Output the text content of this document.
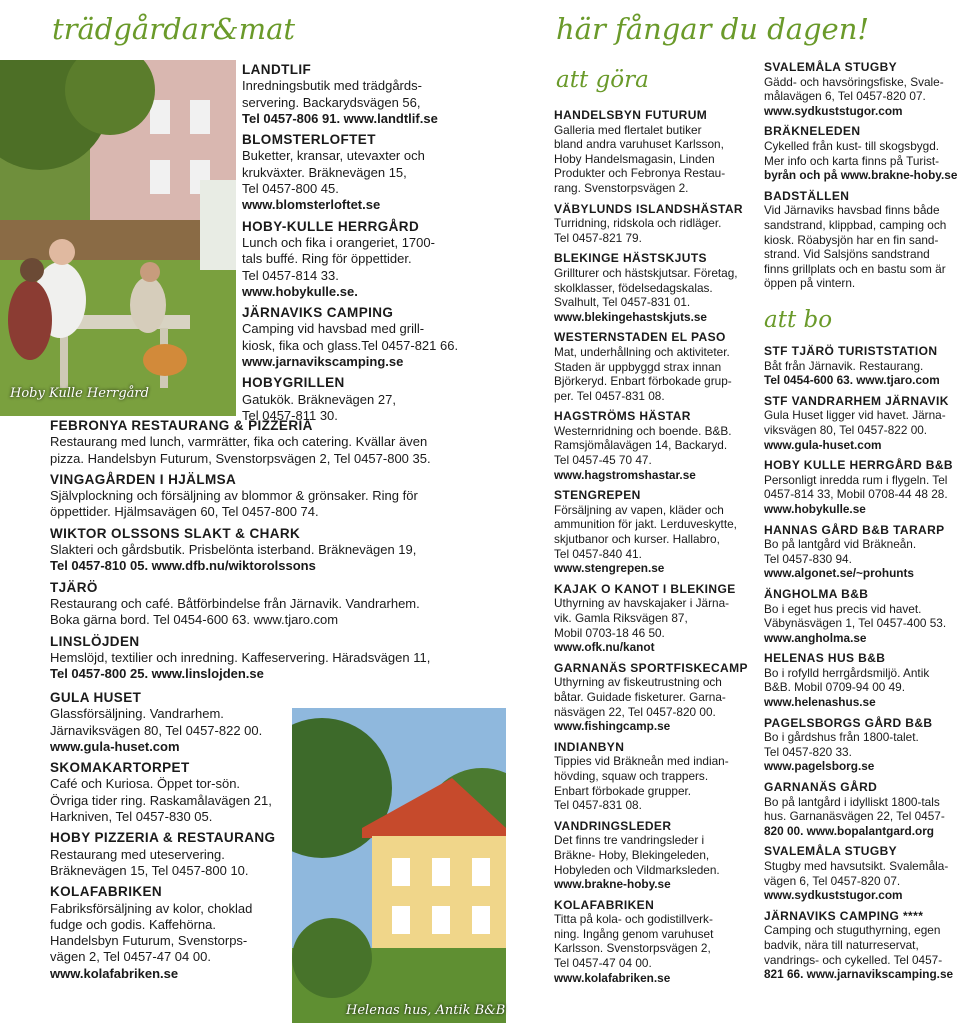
trädgårdar&mat	här fångar du dagen!
att göra
att bo
Hoby Kulle Herrgård
Helenas hus, Antik B&B
LANDTLIF
Inredningsbutik med trädgårds-
servering. Backarydsvägen 56,
Tel 0457-806 91. www.landtlif.se
BLOMSTERLOFTET
Buketter, kransar, utevaxter och
krukväxter. Bräknevägen 15,
Tel 0457-800 45.
www.blomsterloftet.se
HOBY-KULLE HERRGÅRD
Lunch och fika i orangeriet, 1700-
tals buffé. Ring för öppettider.
Tel 0457-814 33.
www.hobykulle.se.
JÄRNAVIKS CAMPING
Camping vid havsbad med grill-
kiosk, fika och glass.Tel 0457-821 66.
www.jarnavikscamping.se
HOBYGRILLEN
Gatukök. Bräknevägen 27,
Tel 0457-811 30.
FEBRONYA RESTAURANG & PIZZERIA
Restaurang med lunch, varmrätter, fika och catering. Kvällar även
pizza. Handelsbyn Futurum, Svenstorpsvägen 2, Tel 0457-800 35.
VINGAGÅRDEN I HJÄLMSA
Självplockning och försäljning av blommor & grönsaker. Ring för
öppettider. Hjälmsavägen 60, Tel 0457-800 74.
WIKTOR OLSSONS SLAKT & CHARK
Slakteri och gårdsbutik. Prisbelönta isterband. Bräknevägen 19,
Tel 0457-810 05. www.dfb.nu/wiktorolssons
TJÄRÖ
Restaurang och café. Båtförbindelse från Järnavik. Vandrarhem.
Boka gärna bord. Tel 0454-600 63. www.tjaro.com
LINSLÖJDEN
Hemslöjd, textilier och inredning. Kaffeservering. Häradsvägen 11,
Tel 0457-800 25. www.linslojden.se
GULA HUSET
Glassförsäljning. Vandrarhem.
Järnaviksvägen 80, Tel 0457-822 00.
www.gula-huset.com
SKOMAKARTORPET
Café och Kuriosa. Öppet tor-sön.
Övriga tider ring. Raskamålavägen 21,
Harkniven, Tel 0457-830 05.
HOBY PIZZERIA & RESTAURANG
Restaurang med uteservering.
Bräknevägen 15, Tel 0457-800 10.
KOLAFABRIKEN
Fabriksförsäljning av kolor, choklad
fudge och godis. Kaffehörna.
Handelsbyn Futurum, Svenstorps-
vägen 2, Tel 0457-47 04 00.
www.kolafabriken.se
HANDELSBYN FUTURUM
Galleria med flertalet butiker
bland andra varuhuset Karlsson,
Hoby Handelsmagasin, Linden
Produkter och Febronya Restau-
rang. Svenstorpsvägen 2.
VÄBYLUNDS ISLANDSHÄSTAR
Turridning, ridskola och ridläger.
Tel 0457-821 79.
BLEKINGE HÄSTSKJUTS
Grillturer och hästskjutsar. Företag,
skolklasser, födelsedagskalas.
Svalhult, Tel 0457-831 01.
www.blekingehastskjuts.se
WESTERNSTADEN EL PASO
Mat, underhållning och aktiviteter.
Staden är uppbyggd strax innan
Björkeryd. Enbart förbokade grup-
per. Tel 0457-831 08.
HAGSTRÖMS HÄSTAR
Westernridning och boende. B&B.
Ramsjömålavägen 14, Backaryd.
Tel 0457-45 70 47.
www.hagstromshastar.se
STENGREPEN
Försäljning av vapen, kläder och
ammunition för jakt. Lerduveskytte,
skjutbanor och kurser. Hallabro,
Tel 0457-840 41.
www.stengrepen.se
KAJAK O KANOT I BLEKINGE
Uthyrning av havskajaker i Järna-
vik. Gamla Riksvägen 87,
Mobil 0703-18 46 50.
www.ofk.nu/kanot
GARNANÄS SPORTFISKECAMP
Uthyrning av fiskeutrustning och
båtar. Guidade fisketurer. Garna-
näsvägen 22, Tel 0457-820 00.
www.fishingcamp.se
INDIANBYN
Tippies vid Bräkneån med indian-
hövding, squaw och trappers.
Enbart förbokade grupper.
Tel 0457-831 08.
VANDRINGSLEDER
Det finns tre vandringsleder i
Bräkne- Hoby, Blekingeleden,
Hobyleden och Vildmarksleden.
www.brakne-hoby.se
KOLAFABRIKEN
Titta på kola- och godistillverk-
ning. Ingång genom varuhuset
Karlsson. Svenstorpsvägen 2,
Tel 0457-47 04 00.
www.kolafabriken.se
SVALEMÅLA STUGBY
Gädd- och havsöringsfiske, Svale-
målavägen 6, Tel 0457-820 07.
www.sydkuststugor.com
BRÄKNELEDEN
Cykelled från kust- till skogsbygd.
Mer info och karta finns på Turist-
byrån och på www.brakne-hoby.se
BADSTÄLLEN
Vid Järnaviks havsbad finns både
sandstrand, klippbad, camping och
kiosk. Röabysjön har en fin sand-
strand. Vid Salsjöns sandstrand
finns grillplats och en bastu som är
öppen på vintern.
STF TJÄRÖ TURISTSTATION
Båt från Järnavik. Restaurang.
Tel 0454-600 63. www.tjaro.com
STF VANDRARHEM JÄRNAVIK
Gula Huset ligger vid havet. Järna-
viksvägen 80, Tel 0457-822 00.
www.gula-huset.com
HOBY KULLE HERRGÅRD B&B
Personligt inredda rum i flygeln. Tel
0457-814 33, Mobil 0708-44 48 28.
www.hobykulle.se
HANNAS GÅRD B&B TARARP
Bo på lantgård vid Bräkneån.
Tel 0457-830 94.
www.algonet.se/~prohunts
ÄNGHOLMA B&B
Bo i eget hus precis vid havet.
Väbynäsvägen 1, Tel 0457-400 53.
www.angholma.se
HELENAS HUS B&B
Bo i rofylld herrgårdsmiljö. Antik
B&B. Mobil 0709-94 00 49.
www.helenashus.se
PAGELSBORGS GÅRD B&B
Bo i gårdshus från 1800-talet.
Tel 0457-820 33.
www.pagelsborg.se
GARNANÄS GÅRD
Bo på lantgård i idylliskt 1800-tals
hus. Garnanäsvägen 22, Tel 0457-
820 00. www.bopalantgard.org
SVALEMÅLA STUGBY
Stugby med havsutsikt. Svalemåla-
vägen 6, Tel 0457-820 07.
www.sydkuststugor.com
JÄRNAVIKS CAMPING ****
Camping och stuguthyrning, egen
badvik, nära till naturreservat,
vandrings- och cykelled. Tel 0457-
821 66. www.jarnavikscamping.se
